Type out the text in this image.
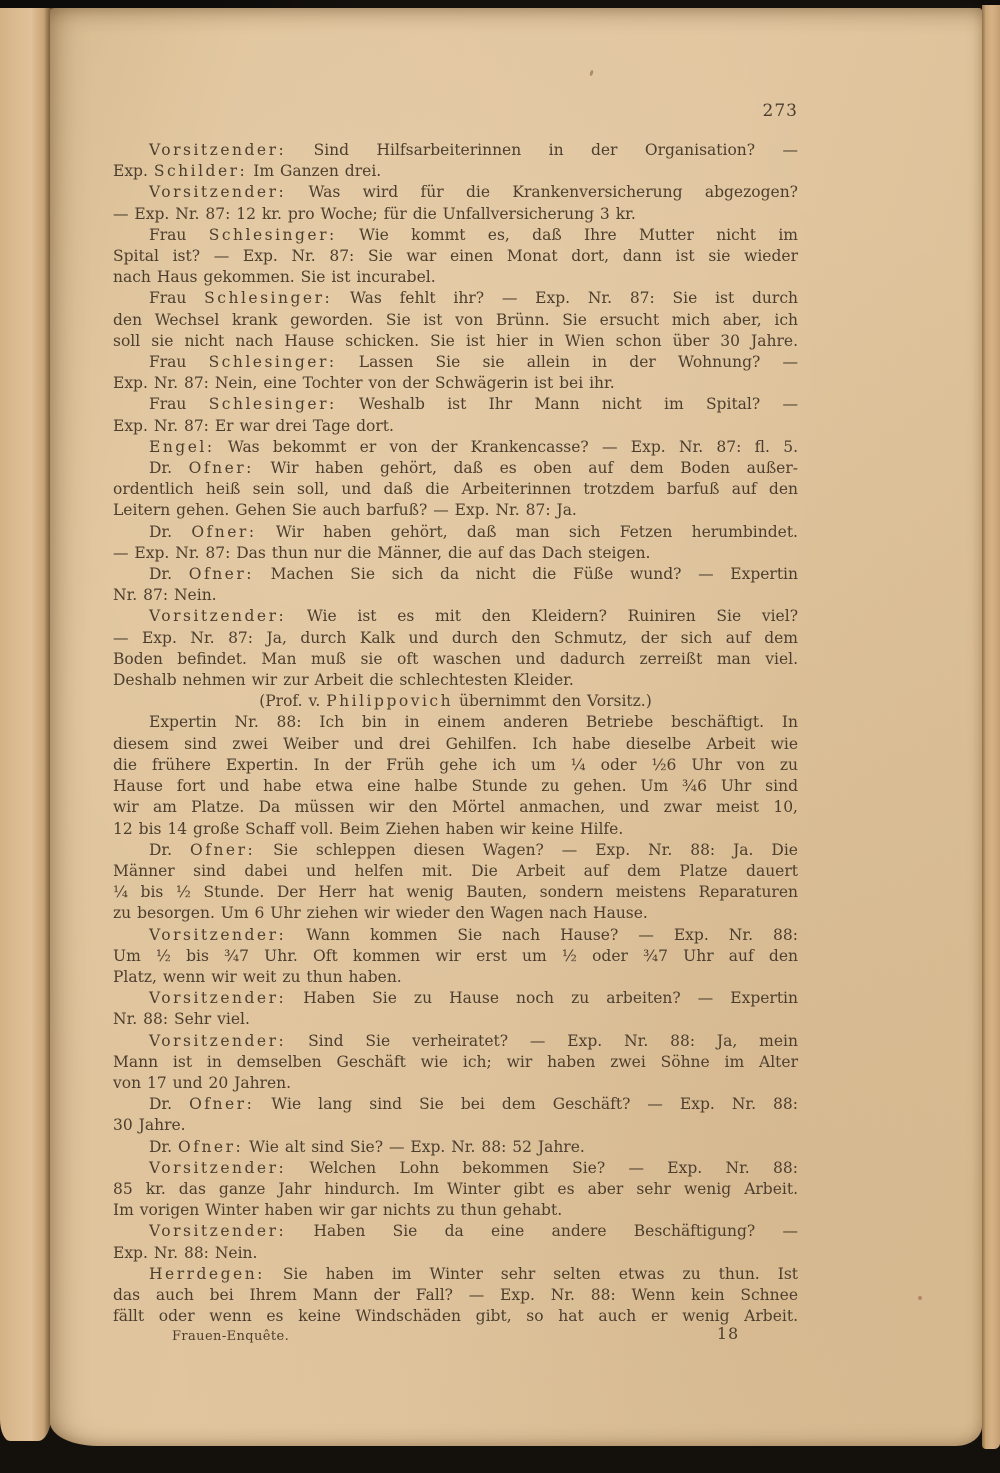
273
Vorsitzender: Sind Hilfsarbeiterinnen in der Organisation? —
Exp. Schilder: Im Ganzen drei.
Vorsitzender: Was wird für die Krankenversicherung abgezogen?
— Exp. Nr. 87: 12 kr. pro Woche; für die Unfallversicherung 3 kr.
Frau Schlesinger: Wie kommt es, daß Ihre Mutter nicht im
Spital ist? — Exp. Nr. 87: Sie war einen Monat dort, dann ist sie wieder
nach Haus gekommen. Sie ist incurabel.
Frau Schlesinger: Was fehlt ihr? — Exp. Nr. 87: Sie ist durch
den Wechsel krank geworden. Sie ist von Brünn. Sie ersucht mich aber, ich
soll sie nicht nach Hause schicken. Sie ist hier in Wien schon über 30 Jahre.
Frau Schlesinger: Lassen Sie sie allein in der Wohnung? —
Exp. Nr. 87: Nein, eine Tochter von der Schwägerin ist bei ihr.
Frau Schlesinger: Weshalb ist Ihr Mann nicht im Spital? —
Exp. Nr. 87: Er war drei Tage dort.
Engel: Was bekommt er von der Krankencasse? — Exp. Nr. 87: fl. 5.
Dr. Ofner: Wir haben gehört, daß es oben auf dem Boden außer-
ordentlich heiß sein soll, und daß die Arbeiterinnen trotzdem barfuß auf den
Leitern gehen. Gehen Sie auch barfuß? — Exp. Nr. 87: Ja.
Dr. Ofner: Wir haben gehört, daß man sich Fetzen herumbindet.
— Exp. Nr. 87: Das thun nur die Männer, die auf das Dach steigen.
Dr. Ofner: Machen Sie sich da nicht die Füße wund? — Expertin
Nr. 87: Nein.
Vorsitzender: Wie ist es mit den Kleidern? Ruiniren Sie viel?
— Exp. Nr. 87: Ja, durch Kalk und durch den Schmutz, der sich auf dem
Boden befindet. Man muß sie oft waschen und dadurch zerreißt man viel.
Deshalb nehmen wir zur Arbeit die schlechtesten Kleider.
(Prof. v. Philippovich übernimmt den Vorsitz.)
Expertin Nr. 88: Ich bin in einem anderen Betriebe beschäftigt. In
diesem sind zwei Weiber und drei Gehilfen. Ich habe dieselbe Arbeit wie
die frühere Expertin. In der Früh gehe ich um ¼ oder ½6 Uhr von zu
Hause fort und habe etwa eine halbe Stunde zu gehen. Um ¾6 Uhr sind
wir am Platze. Da müssen wir den Mörtel anmachen, und zwar meist 10,
12 bis 14 große Schaff voll. Beim Ziehen haben wir keine Hilfe.
Dr. Ofner: Sie schleppen diesen Wagen? — Exp. Nr. 88: Ja. Die
Männer sind dabei und helfen mit. Die Arbeit auf dem Platze dauert
¼ bis ½ Stunde. Der Herr hat wenig Bauten, sondern meistens Reparaturen
zu besorgen. Um 6 Uhr ziehen wir wieder den Wagen nach Hause.
Vorsitzender: Wann kommen Sie nach Hause? — Exp. Nr. 88:
Um ½ bis ¾7 Uhr. Oft kommen wir erst um ½ oder ¾7 Uhr auf den
Platz, wenn wir weit zu thun haben.
Vorsitzender: Haben Sie zu Hause noch zu arbeiten? — Expertin
Nr. 88: Sehr viel.
Vorsitzender: Sind Sie verheiratet? — Exp. Nr. 88: Ja, mein
Mann ist in demselben Geschäft wie ich; wir haben zwei Söhne im Alter
von 17 und 20 Jahren.
Dr. Ofner: Wie lang sind Sie bei dem Geschäft? — Exp. Nr. 88:
30 Jahre.
Dr. Ofner: Wie alt sind Sie? — Exp. Nr. 88: 52 Jahre.
Vorsitzender: Welchen Lohn bekommen Sie? — Exp. Nr. 88:
85 kr. das ganze Jahr hindurch. Im Winter gibt es aber sehr wenig Arbeit.
Im vorigen Winter haben wir gar nichts zu thun gehabt.
Vorsitzender: Haben Sie da eine andere Beschäftigung? —
Exp. Nr. 88: Nein.
Herrdegen: Sie haben im Winter sehr selten etwas zu thun. Ist
das auch bei Ihrem Mann der Fall? — Exp. Nr. 88: Wenn kein Schnee
fällt oder wenn es keine Windschäden gibt, so hat auch er wenig Arbeit.
Frauen-Enquête.	18
